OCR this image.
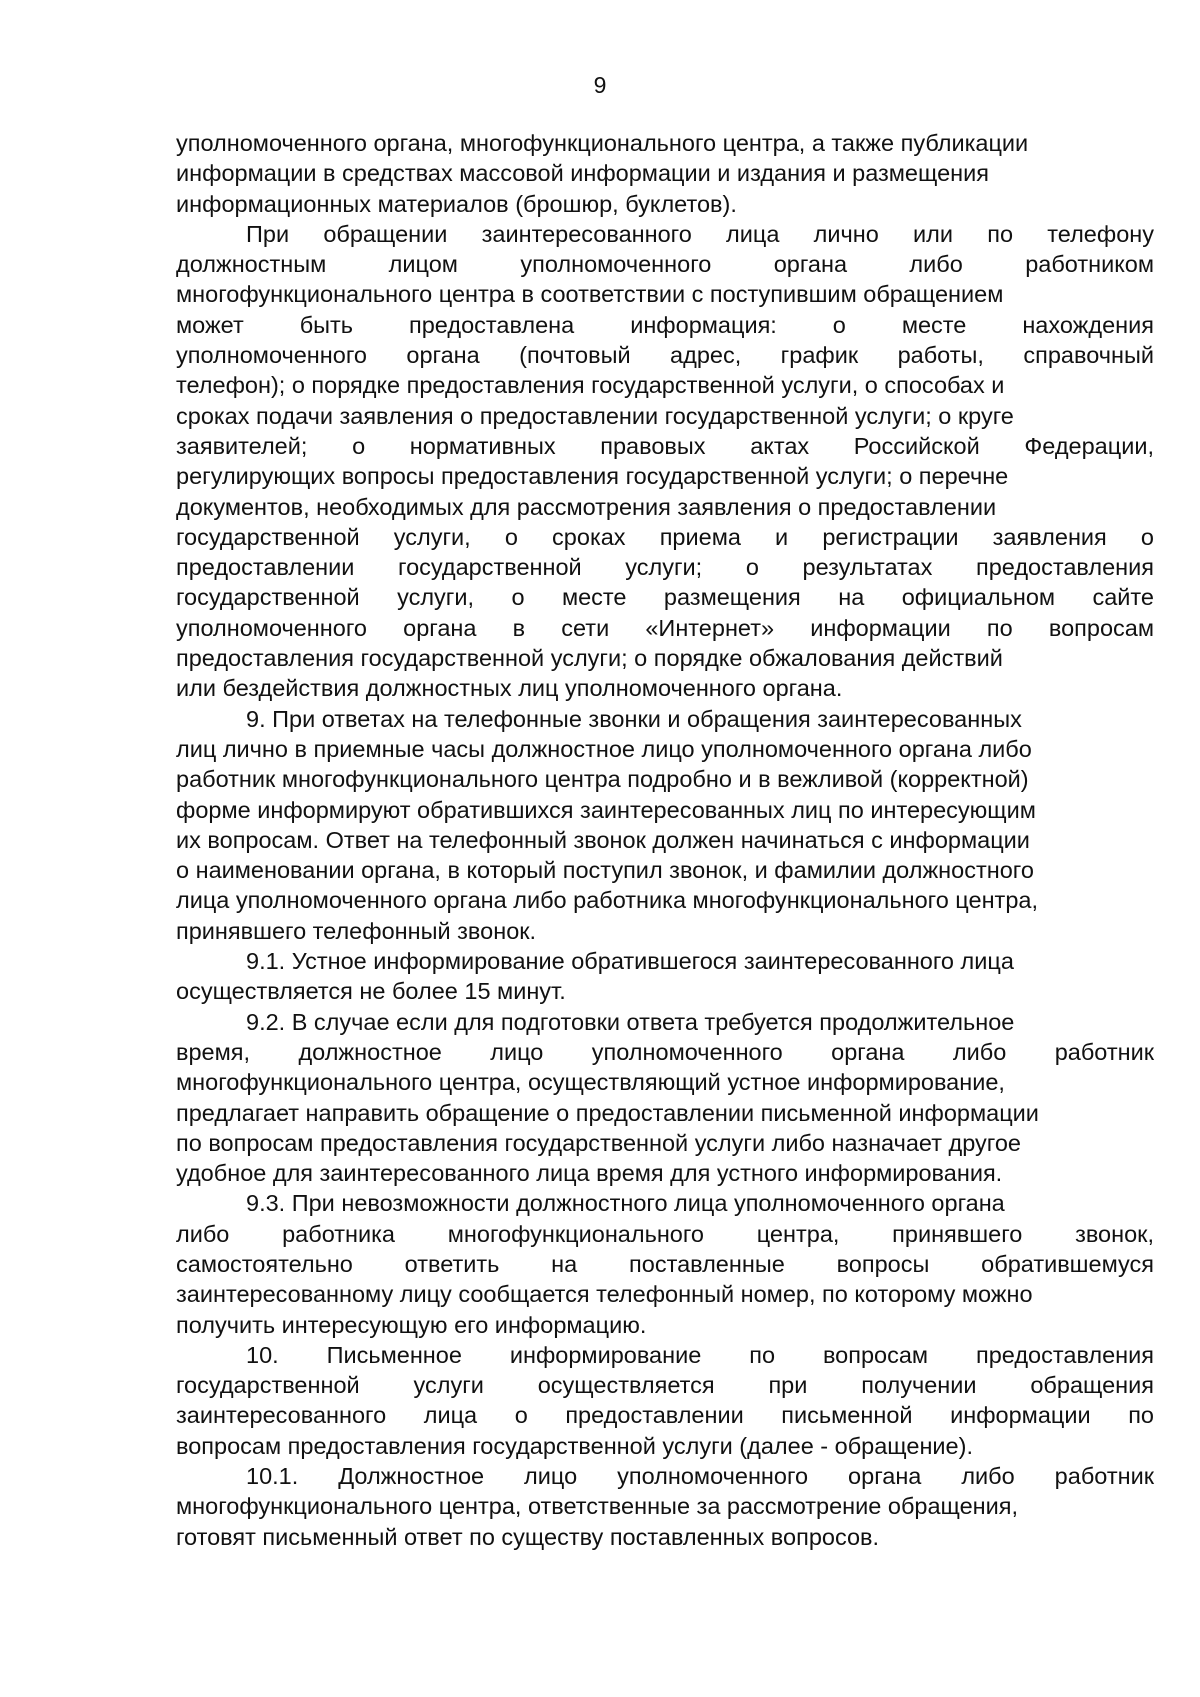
9
уполномоченного органа, многофункционального центра, а также публикации
информации в средствах массовой информации и издания и размещения
информационных материалов (брошюр, буклетов).
При обращении заинтересованного лица лично или по телефону
должностным лицом уполномоченного органа либо работником
многофункционального центра в соответствии с поступившим обращением
может быть предоставлена информация: о месте нахождения
уполномоченного органа (почтовый адрес, график работы, справочный
телефон); о порядке предоставления государственной услуги, о способах и
сроках подачи заявления о предоставлении государственной услуги; о круге
заявителей; о нормативных правовых актах Российской Федерации,
регулирующих вопросы предоставления государственной услуги; о перечне
документов, необходимых для рассмотрения заявления о предоставлении
государственной услуги, о сроках приема и регистрации заявления о
предоставлении государственной услуги; о результатах предоставления
государственной услуги, о месте размещения на официальном сайте
уполномоченного органа в сети «Интернет» информации по вопросам
предоставления государственной услуги; о порядке обжалования действий
или бездействия должностных лиц уполномоченного органа.
9. При ответах на телефонные звонки и обращения заинтересованных
лиц лично в приемные часы должностное лицо уполномоченного органа либо
работник многофункционального центра подробно и в вежливой (корректной)
форме информируют обратившихся заинтересованных лиц по интересующим
их вопросам. Ответ на телефонный звонок должен начинаться с информации
о наименовании органа, в который поступил звонок, и фамилии должностного
лица уполномоченного органа либо работника многофункционального центра,
принявшего телефонный звонок.
9.1. Устное информирование обратившегося заинтересованного лица
осуществляется не более 15 минут.
9.2. В случае если для подготовки ответа требуется продолжительное
время, должностное лицо уполномоченного органа либо работник
многофункционального центра, осуществляющий устное информирование,
предлагает направить обращение о предоставлении письменной информации
по вопросам предоставления государственной услуги либо назначает другое
удобное для заинтересованного лица время для устного информирования.
9.3. При невозможности должностного лица уполномоченного органа
либо работника многофункционального центра, принявшего звонок,
самостоятельно ответить на поставленные вопросы обратившемуся
заинтересованному лицу сообщается телефонный номер, по которому можно
получить интересующую его информацию.
10. Письменное информирование по вопросам предоставления
государственной услуги осуществляется при получении обращения
заинтересованного лица о предоставлении письменной информации по
вопросам предоставления государственной услуги (далее - обращение).
10.1. Должностное лицо уполномоченного органа либо работник
многофункционального центра, ответственные за рассмотрение обращения,
готовят письменный ответ по существу поставленных вопросов.
